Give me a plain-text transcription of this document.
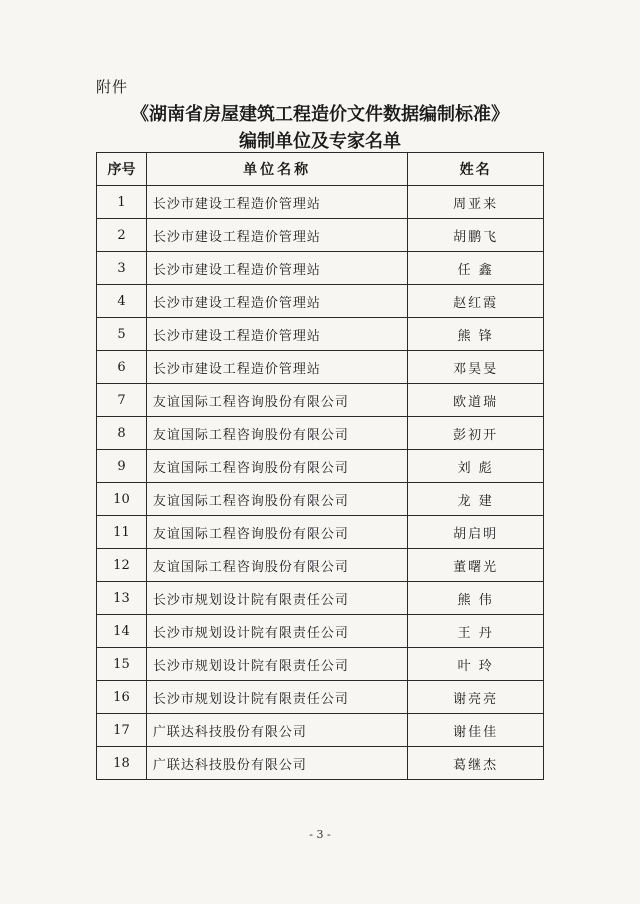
附件
《湖南省房屋建筑工程造价文件数据编制标准》
编制单位及专家名单
序号	单位名称	姓名
1	长沙市建设工程造价管理站	周亚来
2	长沙市建设工程造价管理站	胡鹏飞
3	长沙市建设工程造价管理站	任 鑫
4	长沙市建设工程造价管理站	赵红霞
5	长沙市建设工程造价管理站	熊 锋
6	长沙市建设工程造价管理站	邓昊旻
7	友谊国际工程咨询股份有限公司	欧道瑞
8	友谊国际工程咨询股份有限公司	彭初开
9	友谊国际工程咨询股份有限公司	刘 彪
10	友谊国际工程咨询股份有限公司	龙 建
11	友谊国际工程咨询股份有限公司	胡启明
12	友谊国际工程咨询股份有限公司	董曙光
13	长沙市规划设计院有限责任公司	熊 伟
14	长沙市规划设计院有限责任公司	王 丹
15	长沙市规划设计院有限责任公司	叶 玲
16	长沙市规划设计院有限责任公司	谢亮亮
17	广联达科技股份有限公司	谢佳佳
18	广联达科技股份有限公司	葛继杰
- 3 -
